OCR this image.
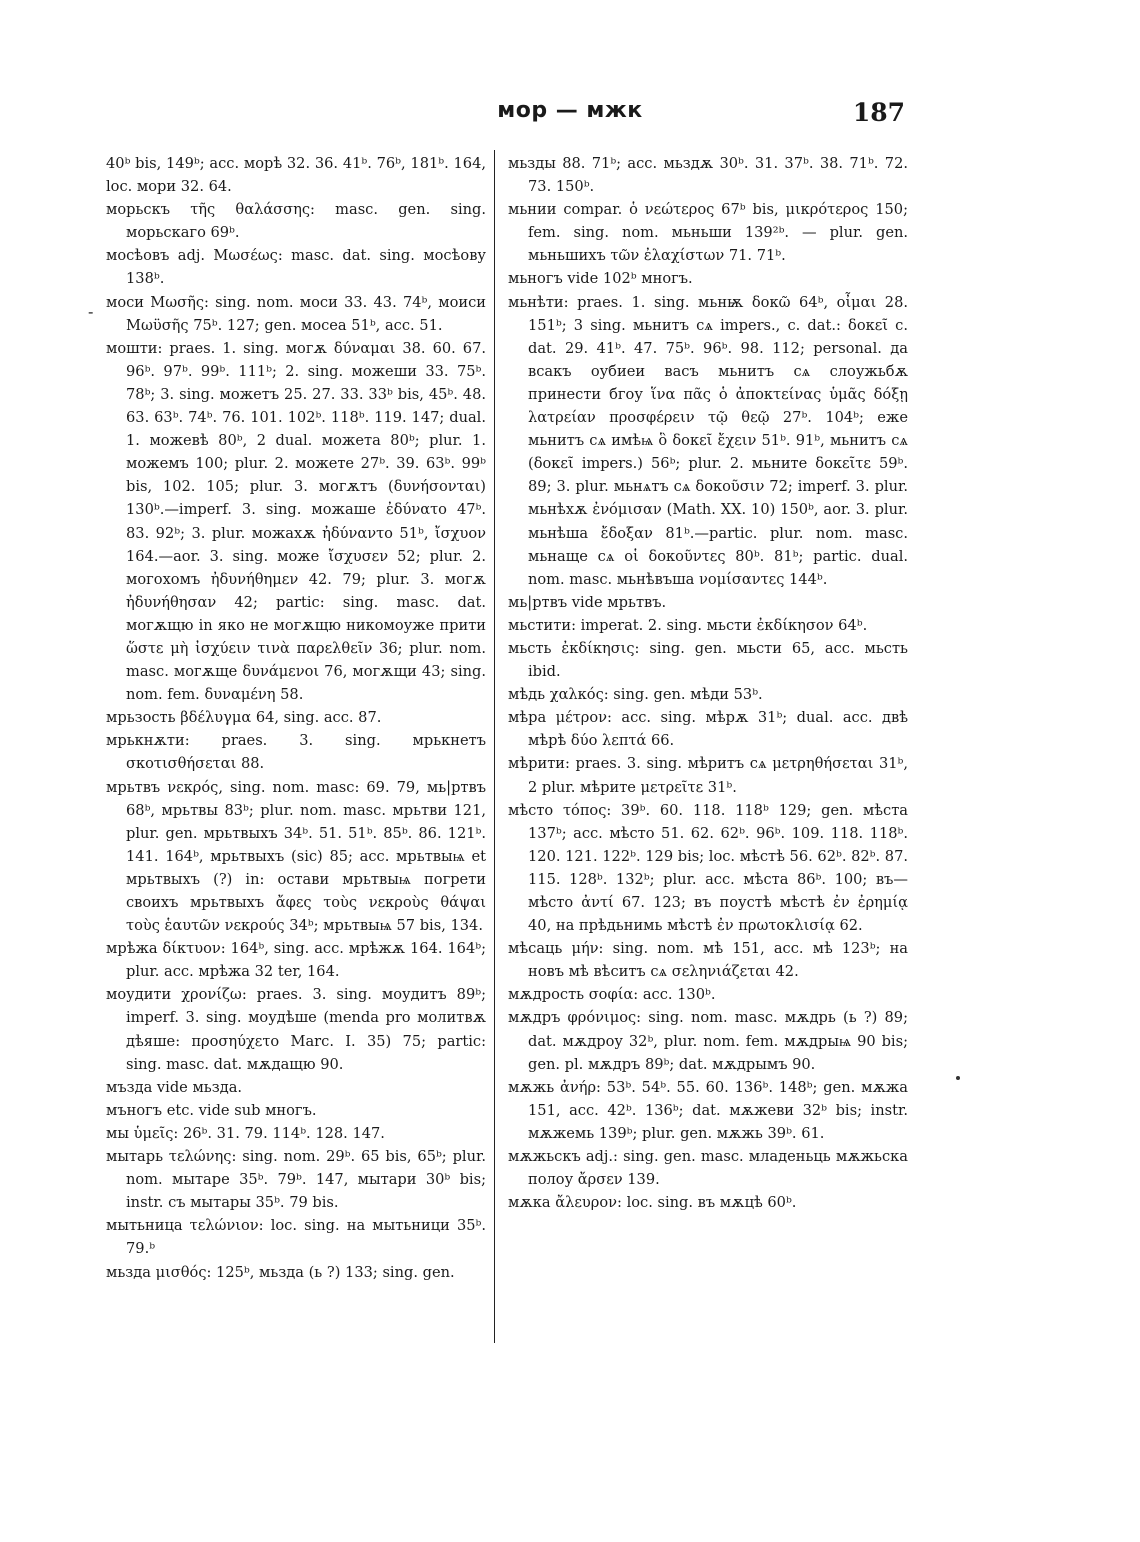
мор — мжк	187
-

40ᵇ bis, 149ᵇ; acc. морѣ 32. 36. 41ᵇ. 76ᵇ, 181ᵇ. 164, loc. мори 32. 64.

морьскъ τῆς θαλάσσης: masc. gen. sing. морьскаго 69ᵇ.

мосѣовъ adj. Μωσέως: masc. dat. sing. мосѣову 138ᵇ.

моси Μωσῆς: sing. nom. моси 33. 43. 74ᵇ, моиси Μωϋσῆς 75ᵇ. 127; gen. мосеа 51ᵇ, acc. 51.

мошти: praes. 1. sing. могѫ δύναμαι 38. 60. 67. 96ᵇ. 97ᵇ. 99ᵇ. 111ᵇ; 2. sing. можеши 33. 75ᵇ. 78ᵇ; 3. sing. можетъ 25. 27. 33. 33ᵇ bis, 45ᵇ. 48. 63. 63ᵇ. 74ᵇ. 76. 101. 102ᵇ. 118ᵇ. 119. 147; dual. 1. можевѣ 80ᵇ, 2 dual. можета 80ᵇ; plur. 1. можемъ 100; plur. 2. можете 27ᵇ. 39. 63ᵇ. 99ᵇ bis, 102. 105; plur. 3. могѫтъ (δυνήσονται) 130ᵇ.—imperf. 3. sing. можаше ἐδύνατο 47ᵇ. 83. 92ᵇ; 3. plur. можахѫ ἠδύναντο 51ᵇ, ἴσχυον 164.—aor. 3. sing. може ἴσχυσεν 52; plur. 2. могохомъ ἠδυνήθημεν 42. 79; plur. 3. могѫ ἠδυνήθησαν 42; partic: sing. masc. dat. могѫщю in яко не могѫщю никомоуже прити ὥστε μὴ ἰσχύειν τινὰ παρελθεῖν 36; plur. nom. masc. могѫще δυνάμενοι 76, могѫщи 43; sing. nom. fem. δυναμένη 58.

мрьзость βδέλυγμα 64, sing. acc. 87.

мрькнѫти: praes. 3. sing. мрькнетъ σκοτισθήσεται 88.

мрьтвъ νεκρός, sing. nom. masc: 69. 79, мь|ртвъ 68ᵇ, мрьтвы 83ᵇ; plur. nom. masc. мрьтви 121, plur. gen. мрьтвыхъ 34ᵇ. 51. 51ᵇ. 85ᵇ. 86. 121ᵇ. 141. 164ᵇ, мрьтвыхъ (sic) 85; acc. мрьтвыѩ et мрьтвыхъ (?) in: остави мрьтвыѩ погрети своихъ мрьтвыхъ ἄφες τοὺς νεκροὺς θάψαι τοὺς ἑαυτῶν νεκρούς 34ᵇ; мрьтвыѩ 57 bis, 134.

мрѣжа δίκτυον: 164ᵇ, sing. acc. мрѣжѫ 164. 164ᵇ; plur. acc. мрѣжа 32 ter, 164.

моудити χρονίζω: praes. 3. sing. моудитъ 89ᵇ; imperf. 3. sing. моудѣше (menda pro молитвѫ дѣяше: προσηύχετο Marc. I. 35) 75; partic: sing. masc. dat. мѫдащю 90.

мъзда vide мьзда.

мъногъ etc. vide sub многъ.

мы ὑμεῖς: 26ᵇ. 31. 79. 114ᵇ. 128. 147.

мытарь τελώνης: sing. nom. 29ᵇ. 65 bis, 65ᵇ; plur. nom. мытаре 35ᵇ. 79ᵇ. 147, мытари 30ᵇ bis; instr. съ мытары 35ᵇ. 79 bis.

мытьница τελώνιον: loc. sing. на мытьници 35ᵇ. 79.ᵇ

мьзда μισθός: 125ᵇ, мьзда (ь ?) 133; sing. gen.

мьзды 88. 71ᵇ; acc. мьздѫ 30ᵇ. 31. 37ᵇ. 38. 71ᵇ. 72. 73. 150ᵇ.

мьнии compar. ὁ νεώτερος 67ᵇ bis, μικρότερος 150; fem. sing. nom. мьньши 139²ᵇ. — plur. gen. мьньшихъ τῶν ἐλαχίστων 71. 71ᵇ.

мьногъ vide 102ᵇ многъ.

мьнѣти: praes. 1. sing. мьнѭ δοκῶ 64ᵇ, οἶμαι 28. 151ᵇ; 3 sing. мьнитъ сѧ impers., c. dat.: δοκεῖ c. dat. 29. 41ᵇ. 47. 75ᵇ. 96ᵇ. 98. 112; personal. да всакъ оубиеи васъ мьнитъ сѧ слоужьбѫ принести бгоу ἵνα πᾶς ὁ ἀποκτείνας ὑμᾶς δόξῃ λατρείαν προσφέρειν τῷ θεῷ 27ᵇ. 104ᵇ; еже мьнитъ сѧ имѣѩ ὃ δοκεῖ ἔχειν 51ᵇ. 91ᵇ, мьнитъ сѧ (δοκεῖ impers.) 56ᵇ; plur. 2. мьните δοκεῖτε 59ᵇ. 89; 3. plur. мьнѧтъ сѧ δοκοῦσιν 72; imperf. 3. plur. мьнѣхѫ ἐνόμισαν (Math. XX. 10) 150ᵇ, aor. 3. plur. мьнѣша ἔδοξαν 81ᵇ.—partic. plur. nom. masc. мьнаще сѧ οἱ δοκοῦντες 80ᵇ. 81ᵇ; partic. dual. nom. masc. мьнѣвъша νομίσαντες 144ᵇ.

мь|ртвъ vide мрьтвъ.

мьстити: imperat. 2. sing. мьсти ἐκδίκησον 64ᵇ.

мьсть ἐκδίκησις: sing. gen. мьсти 65, acc. мьсть ibid.

мѣдь χαλκός: sing. gen. мѣди 53ᵇ.

мѣра μέτρον: acc. sing. мѣрѫ 31ᵇ; dual. acc. двѣ мѣрѣ δύο λεπτά 66.

мѣрити: praes. 3. sing. мѣритъ сѧ μετρηθήσεται 31ᵇ, 2 plur. мѣрите μετρεῖτε 31ᵇ.

мѣсто τόπος: 39ᵇ. 60. 118. 118ᵇ 129; gen. мѣста 137ᵇ; acc. мѣсто 51. 62. 62ᵇ. 96ᵇ. 109. 118. 118ᵇ. 120. 121. 122ᵇ. 129 bis; loc. мѣстѣ 56. 62ᵇ. 82ᵇ. 87. 115. 128ᵇ. 132ᵇ; plur. acc. мѣста 86ᵇ. 100; въ—мѣсто ἀντί 67. 123; въ поустѣ мѣстѣ ἐν ἐρημίᾳ 40, на прѣдьнимь мѣстѣ ἐν πρωτοκλισίᾳ 62.

мѣсаць μήν: sing. nom. мѣ 151, acc. мѣ 123ᵇ; на новъ мѣ вѣситъ сѧ σεληνιάζεται 42.

мѫдрость σοφία: acc. 130ᵇ.

мѫдръ φρόνιμος: sing. nom. masc. мѫдрь (ь ?) 89; dat. мѫдроу 32ᵇ, plur. nom. fem. мѫдрыѩ 90 bis; gen. pl. мѫдръ 89ᵇ; dat. мѫдрымъ 90.

мѫжь ἀνήρ: 53ᵇ. 54ᵇ. 55. 60. 136ᵇ. 148ᵇ; gen. мѫжа 151, acc. 42ᵇ. 136ᵇ; dat. мѫжеви 32ᵇ bis; instr. мѫжемь 139ᵇ; plur. gen. мѫжь 39ᵇ. 61.

мѫжьскъ adj.: sing. gen. masc. младеньць мѫжьска полоу ἄρσεν 139.

мѫка ἄλευρον: loc. sing. въ мѫцѣ 60ᵇ.
